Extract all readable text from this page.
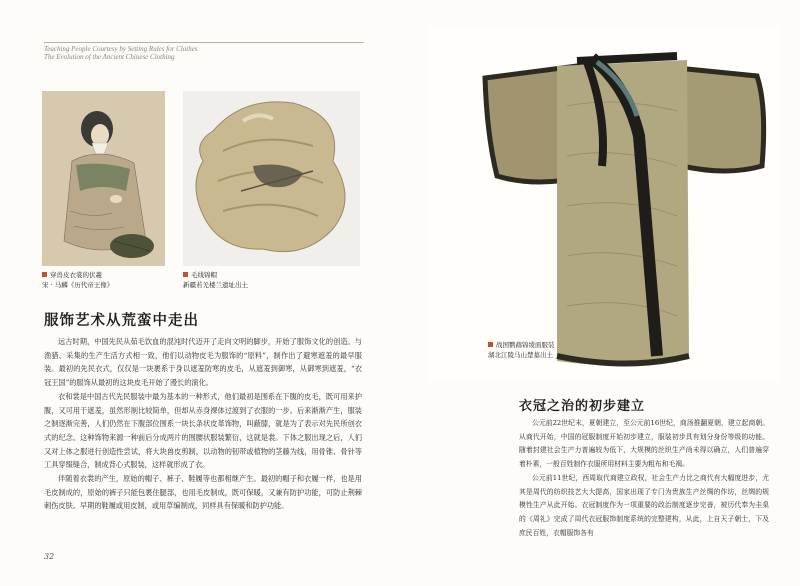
Teaching People Courtesy by Setting Rules for Clothes
The Evolution of the Ancient Chinese Clothing
穿兽皮衣裳的伏羲
宋 · 马麟《历代帝王像》
毛线锦帽
新疆若羌楼兰遗址出土
服饰艺术从荒蛮中走出

远古时期，中国先民从茹毛饮血的混沌时代迈开了走向文明的脚步，开始了服饰文化的创造。与渔猎、采集的生产生活方式相一致，他们以动物皮毛为服饰的“原料”，制作出了避寒遮羞的最早服装。最初的先民衣式，仅仅是一块裹系于身以遮羞防寒的皮毛，从遮羞到御寒，从御寒到遮羞，“衣冠王国”的服饰从最初的这块皮毛开始了漫长的演化。

衣和裳是中国古代先民服装中最为基本的一种形式，他们最初是围系在下腹的皮毛，既可用来护腹，又可用于遮羞，虽然形制比较简单，但却从赤身裸体过渡到了衣服的一步。后来渐渐产生，服装之制逐渐完善，人们仍然在下腹部位围系一块长条状皮革饰物，叫蔽膝，就是为了表示对先民所创衣式的纪念。这种饰物来源一种前后分成两片的围腰状服装繁衍，这就是裳。下体之服出现之后，人们又对上体之服进行创造性尝试，将大块兽皮剪制，以动物的韧带或植物的茎藤为线，用骨锥、骨针等工具穿缀缝合，制成背心式服装，这样就形成了衣。

伴随着衣裳的产生，原始的帽子、裤子、鞋履等也都相继产生。最初的帽子和衣履一样，也是用毛皮制成的，原始的裤子只能包裹住腿部，也用毛皮制成，既可保暖，又兼有防护功能，可防止荆棘刺伤皮肤。早期的鞋履或用皮制，或用草编制成，同样具有保暖和防护功能。

32
战国鹦鹉锦绫面服装
湖北江陵马山楚墓出土
衣冠之治的初步建立

公元前22世纪末，夏朝建立，至公元前16世纪，商汤推翻夏朝，建立起商朝。从商代开始，中国的冠服制度开始初步建立，服装初步具有划分身份等级的功能。随着封建社会生产力普遍较为低下，大规模的丝织生产尚未得以确立，人们普遍穿着朴素，一般百姓制作衣服所用材料主要为粗布和毛褐。

公元前11世纪，西周取代商建立政权，社会生产力比之商代有大幅度进步，尤其是周代的纺织技艺大大提高，国家出现了专门为贵族生产丝绸的作坊，丝绸的规模性生产从此开始。衣冠制度作为一项重要的政治制度逐步完善，被历代奉为圭臬的《周礼》完成了周代衣冠服饰制度系统的完整建构，从此，上自天子朝士，下及庶民百姓，衣帽服饰各有
